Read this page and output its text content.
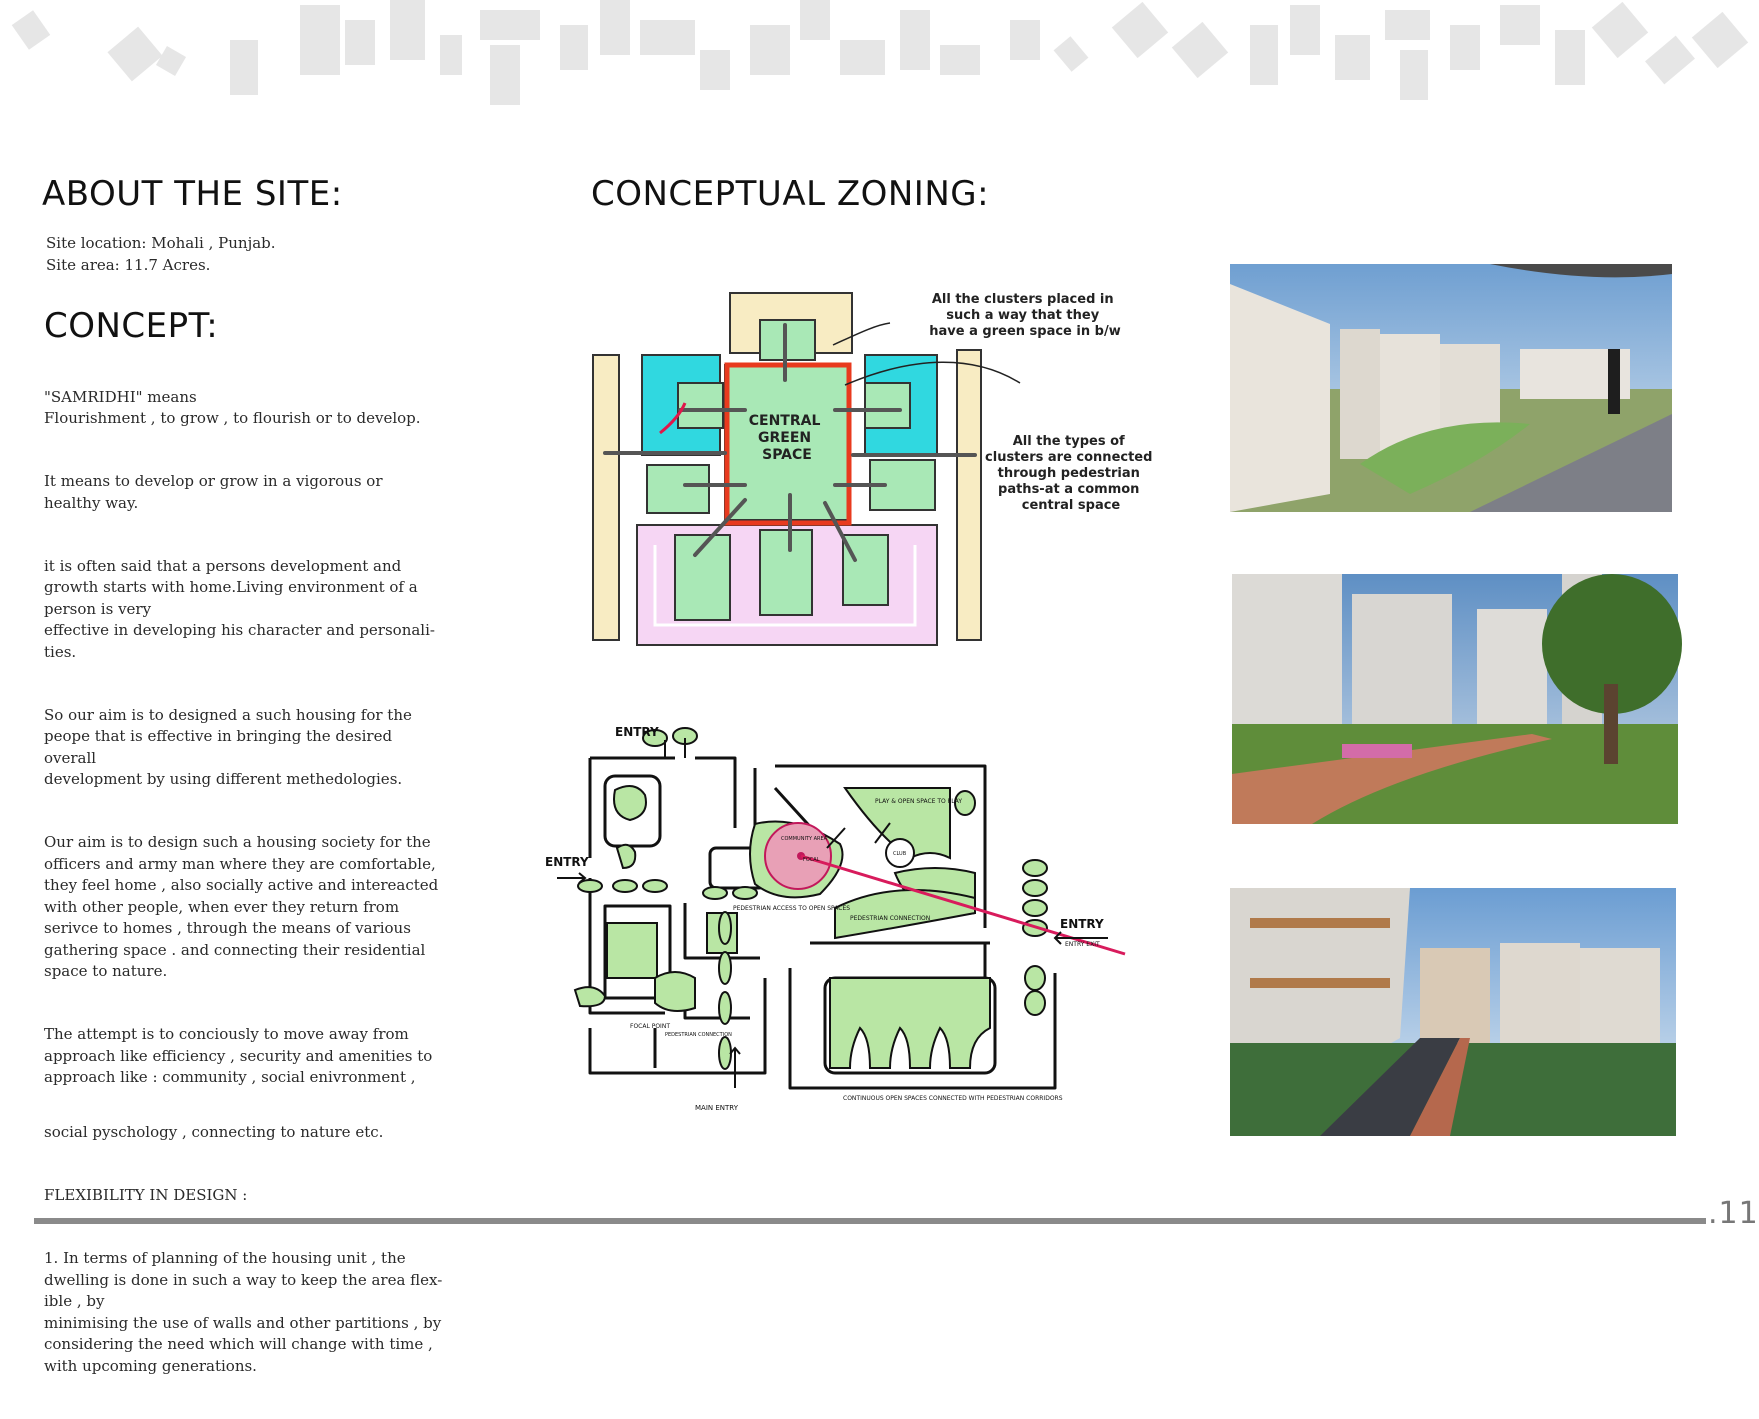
ABOUT THE SITE:
CONCEPT:
CONCEPTUAL ZONING:
Site location: Mohali , Punjab.
Site area: 11.7 Acres.

"SAMRIDHI" means
Flourishment , to grow , to flourish or to develop.

It means to develop or grow in a vigorous or
healthy way.

it is often said that a persons development and
growth starts with home.Living environment of a
person is very
effective in developing his character and personali-
ties.

So our aim is to designed a such housing for the
peope that is effective in bringing the desired overall
development by using different methedologies.

Our aim is to design such a housing society for the
officers and army man where they are comfortable,
they feel home , also socially active and intereacted
with other people, when ever they return from
serivce to homes , through the means of various
gathering space . and connecting their residential
space to nature.

The attempt is to conciously to move away from
approach like efficiency , security and amenities to
approach like : community , social enivronment ,

social pyschology , connecting to nature etc.

FLEXIBILITY IN DESIGN :

1. In terms of planning of the housing unit , the
dwelling is done in such a way to keep the area flex-
ible , by
minimising the use of walls and other partitions , by
considering the need which will change with time ,
with upcoming generations.

CENTRAL GREEN SPACE
All the clusters placed in such a way that they have a green space in b/w
All the types of clusters are connected through pedestrian paths-at a common central space
ENTRY
ENTRY
ENTRY
ENTRY EXIT
MAIN ENTRY
COMMUNITY AREA
FOCAL
CLUB
PLAY & OPEN SPACE TO PLAY
PEDESTRIAN ACCESS TO OPEN SPACES
PEDESTRIAN CONNECTION
FOCAL POINT
PEDESTRIAN CONNECTION
CONTINUOUS OPEN SPACES CONNECTED WITH PEDESTRIAN CORRIDORS
.11
